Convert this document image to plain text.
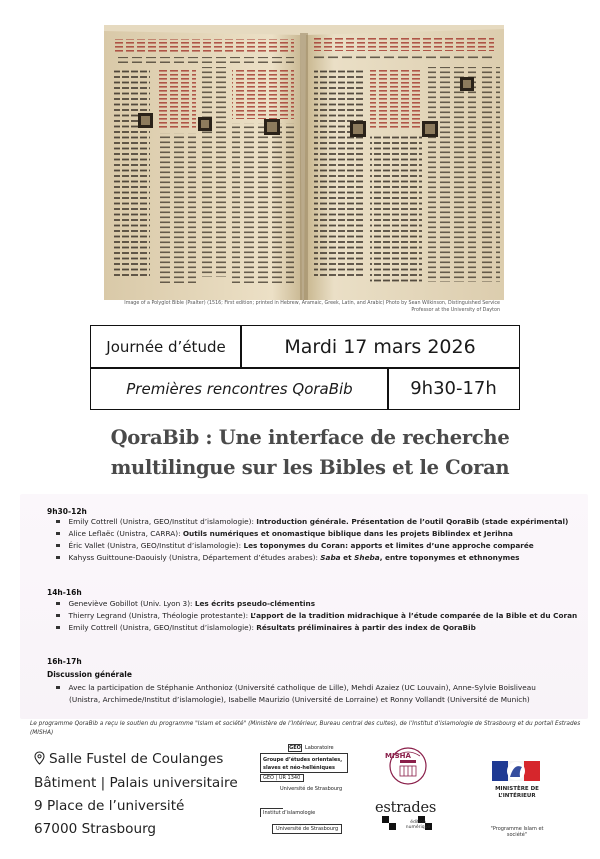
Image of a Polyglot Bible (Psalter) (1516; First edition; printed in Hebrew, Aramaic, Greek, Latin, and Arabic) Photo by Sean Wilkinson, Distinguished Service Professor at the University of Dayton
Journée d’étude	Mardi 17 mars 2026
Premières rencontres QoraBib	9h30-17h
QoraBib : Une interface de recherche
multilingue sur les Bibles et le Coran
9h30-12h
Emily Cottrell (Unistra, GEO/Institut d’islamologie): Introduction générale. Présentation de l’outil QoraBib (stade expérimental)
Alice Leflaëc (Unistra, CARRA): Outils numériques et onomastique biblique dans les projets Biblindex et Jerihna
Éric Vallet (Unistra, GEO/Institut d’islamologie): Les toponymes du Coran: apports et limites d’une approche comparée
Kahyss Guittoune-Daouisly (Unistra, Département d’études arabes): Saba et Sheba, entre toponymes et ethnonymes
14h-16h
Geneviève Gobillot (Univ. Lyon 3): Les écrits pseudo-clémentins
Thierry Legrand (Unistra, Théologie protestante): L’apport de la tradition midrachique à l’étude comparée de la Bible et du Coran
Emily Cottrell (Unistra, GEO/Institut d’islamologie): Résultats préliminaires à partir des index de QoraBib
16h-17h
Discussion générale
Avec la participation de Stéphanie Anthonioz (Université catholique de Lille), Mehdi Azaiez (UC Louvain), Anne-Sylvie Boisliveau
(Unistra, Archimede/Institut d’islamologie), Isabelle Maurizio (Université de Lorraine) et Ronny Vollandt (Université de Munich)
Le programme QoraBib a reçu le soutien du programme "Islam et société" (Ministère de l’Intérieur, Bureau central des cultes), de l’Institut d’islamologie de Strasbourg et du portail Estrades (MISHA)
Salle Fustel de Coulanges
Bâtiment | Palais universitaire
9 Place de l’université
67000 Strasbourg
GEO Laboratoire
Groupe d’études orientales,
slaves et néo-helléniques
GEO | UR 1340
Université de Strasbourg
Institut d’islamologie
Université de Strasbourg
MISHA
estrades
édition numérique
MINISTÈRE DE L’INTÉRIEUR
"Programme Islam et société"
